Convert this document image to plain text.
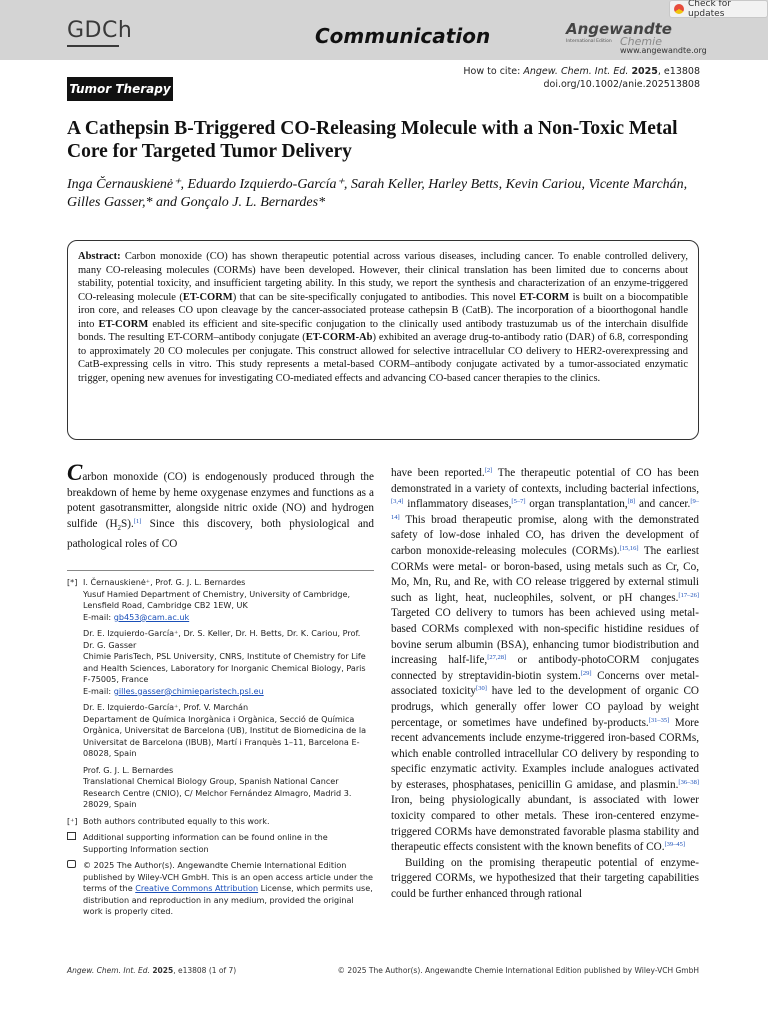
GDCh	Communication	Angewandte
International Edition Chemie
www.angewandte.org
Check for updates
Tumor Therapy
How to cite: Angew. Chem. Int. Ed. 2025, e13808
doi.org/10.1002/anie.202513808
A Cathepsin B-Triggered CO-Releasing Molecule with a Non-Toxic Metal Core for Targeted Tumor Delivery
Inga Černauskienė⁺, Eduardo Izquierdo-García⁺, Sarah Keller, Harley Betts, Kevin Cariou, Vicente Marchán, Gilles Gasser,* and Gonçalo J. L. Bernardes*
Abstract: Carbon monoxide (CO) has shown therapeutic potential across various diseases, including cancer. To enable controlled delivery, many CO-releasing molecules (CORMs) have been developed. However, their clinical translation has been limited due to concerns about stability, potential toxicity, and insufficient targeting ability. In this study, we report the synthesis and characterization of an enzyme-triggered CO-releasing molecule (ET-CORM) that can be site-specifically conjugated to antibodies. This novel ET-CORM is built on a biocompatible iron core, and releases CO upon cleavage by the cancer-associated protease cathepsin B (CatB). The incorporation of a bioorthogonal handle into ET-CORM enabled its efficient and site-specific conjugation to the clinically used antibody trastuzumab us of the interchain disulfide bonds. The resulting ET-CORM–antibody conjugate (ET-CORM-Ab) exhibited an average drug-to-antibody ratio (DAR) of 6.8, corresponding to approximately 20 CO molecules per conjugate. This construct allowed for selective intracellular CO delivery to HER2-overexpressing and CatB-expressing cells in vitro. This study represents a metal-based CORM–antibody conjugate activated by a tumor-associated enzymatic trigger, opening new avenues for investigating CO-mediated effects and advancing CO-based cancer therapies to the clinics.
Carbon monoxide (CO) is endogenously produced through the breakdown of heme by heme oxygenase enzymes and functions as a potent gasotransmitter, alongside nitric oxide (NO) and hydrogen sulfide $(H_2S).[1]$ Since this discovery, both physiological and pathological roles of CO
[*] I. Černauskienė⁺, Prof. G. J. L. Bernardes
Yusuf Hamied Department of Chemistry, University of Cambridge, Lensfield Road, Cambridge CB2 1EW, UK
E-mail: gb453@cam.ac.uk
Dr. E. Izquierdo-García⁺, Dr. S. Keller, Dr. H. Betts, Dr. K. Cariou, Prof. Dr. G. Gasser
Chimie ParisTech, PSL University, CNRS, Institute of Chemistry for Life and Health Sciences, Laboratory for Inorganic Chemical Biology, Paris F-75005, France
E-mail: gilles.gasser@chimieparistech.psl.eu
Dr. E. Izquierdo-García⁺, Prof. V. Marchán
Departament de Química Inorgànica i Orgànica, Secció de Química Orgànica, Universitat de Barcelona (UB), Institut de Biomedicina de la Universitat de Barcelona (IBUB), Martí i Franquès 1–11, Barcelona E-08028, Spain
Prof. G. J. L. Bernardes
Translational Chemical Biology Group, Spanish National Cancer Research Centre (CNIO), C/ Melchor Fernández Almagro, Madrid 3. 28029, Spain
[⁺] Both authors contributed equally to this work.
Additional supporting information can be found online in the Supporting Information section
© 2025 The Author(s). Angewandte Chemie International Edition published by Wiley-VCH GmbH. This is an open access article under the terms of the Creative Commons Attribution License, which permits use, distribution and reproduction in any medium, provided the original work is properly cited.
have been reported.[2] The therapeutic potential of CO has been demonstrated in a variety of contexts, including bacterial infections,[3,4] inflammatory diseases,[5–7] organ transplantation,[8] and cancer.[9–14] This broad therapeutic promise, along with the demonstrated safety of low-dose inhaled CO, has driven the development of carbon monoxide-releasing molecules (CORMs).[15,16] The earliest CORMs were metal- or boron-based, using metals such as Cr, Co, Mo, Mn, Ru, and Re, with CO release triggered by external stimuli such as light, heat, nucleophiles, solvent, or pH changes.[17–26] Targeted CO delivery to tumors has been achieved using metal-based CORMs complexed with non-specific histidine residues of bovine serum albumin (BSA), enhancing tumor biodistribution and increasing half-life,[27,28] or antibody-photoCORM conjugates connected by streptavidin-biotin system.[29] Concerns over metal-associated toxicity[30] have led to the development of organic CO prodrugs, which generally offer lower CO payload by weight percentage, or sometimes have undefined by-products.[31–35] More recent advancements include enzyme-triggered iron-based CORMs, which enable controlled intracellular CO delivery by responding to specific enzymatic activity. Examples include analogues activated by esterases, phosphatases, penicillin G amidase, and plasmin.[36–38] Iron, being physiologically abundant, is associated with lower toxicity compared to other metals. These iron-centered enzyme-triggered CORMs have demonstrated favorable plasma stability and therapeutic effects consistent with the known benefits of CO.[39–45]
Building on the promising therapeutic potential of enzyme-triggered CORMs, we hypothesized that their targeting capabilities could be further enhanced through rational
Angew. Chem. Int. Ed. 2025, e13808 (1 of 7)	© 2025 The Author(s). Angewandte Chemie International Edition published by Wiley-VCH GmbH
